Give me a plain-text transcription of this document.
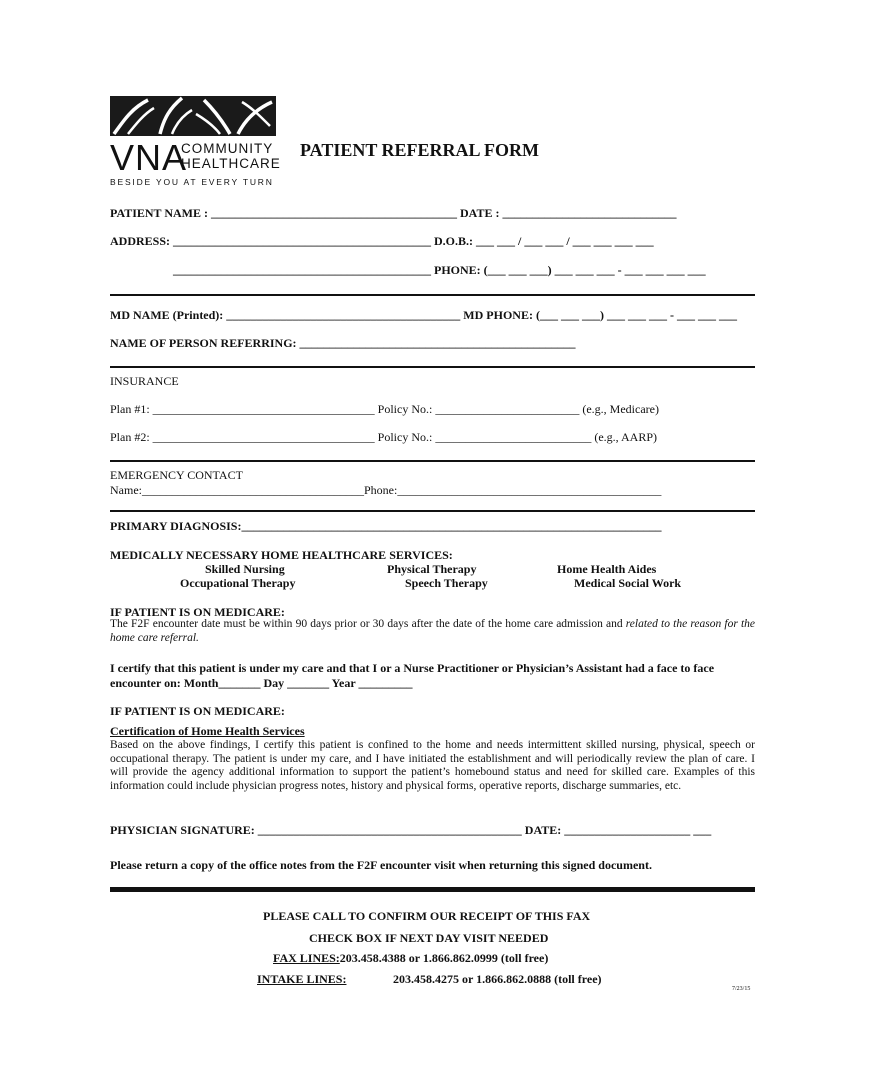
VNA
COMMUNITY
HEALTHCARE
BESIDE YOU AT EVERY TURN
PATIENT REFERRAL FORM
PATIENT NAME : _________________________________________ DATE : _____________________________
ADDRESS: ___________________________________________ D.O.B.: ___ ___ / ___ ___ / ___ ___ ___ ___
___________________________________________ PHONE: (___ ___ ___) ___ ___ ___ - ___ ___ ___ ___
MD NAME (Printed): _______________________________________ MD PHONE: (___ ___ ___) ___ ___ ___ - ___ ___ ___
NAME OF PERSON REFERRING: ______________________________________________
INSURANCE
Plan #1: _____________________________________ Policy No.: ________________________ (e.g., Medicare)
Plan #2: _____________________________________ Policy No.: __________________________ (e.g., AARP)
EMERGENCY CONTACT
Name:_____________________________________Phone:____________________________________________
PRIMARY DIAGNOSIS:______________________________________________________________________
MEDICALLY NECESSARY HOME HEALTHCARE SERVICES:
Skilled Nursing	Physical Therapy	Home Health Aides
Occupational Therapy	Speech Therapy	Medical Social Work
IF PATIENT IS ON MEDICARE:
The F2F encounter date must be within 90 days prior or 30 days after the date of the home care admission and related to the reason for the home care referral.
I certify that this patient is under my care and that I or a Nurse Practitioner or Physician’s Assistant had a face to face
encounter on: Month_______ Day _______ Year _________
IF PATIENT IS ON MEDICARE:
Certification of Home Health Services
Based on the above findings, I certify this patient is confined to the home and needs intermittent skilled nursing, physical, speech or occupational therapy. The patient is under my care, and I have initiated the establishment and will periodically review the plan of care. I will provide the agency additional information to support the patient’s homebound status and need for skilled care. Examples of this information could include physician progress notes, history and physical forms, operative reports, discharge summaries, etc.
PHYSICIAN SIGNATURE: ____________________________________________ DATE: _____________________ ___
Please return a copy of the office notes from the F2F encounter visit when returning this signed document.
PLEASE CALL TO CONFIRM OUR RECEIPT OF THIS FAX
CHECK BOX IF NEXT DAY VISIT NEEDED
FAX LINES:203.458.4388 or 1.866.862.0999 (toll free)
INTAKE LINES:	203.458.4275 or 1.866.862.0888 (toll free)
7/23/15
